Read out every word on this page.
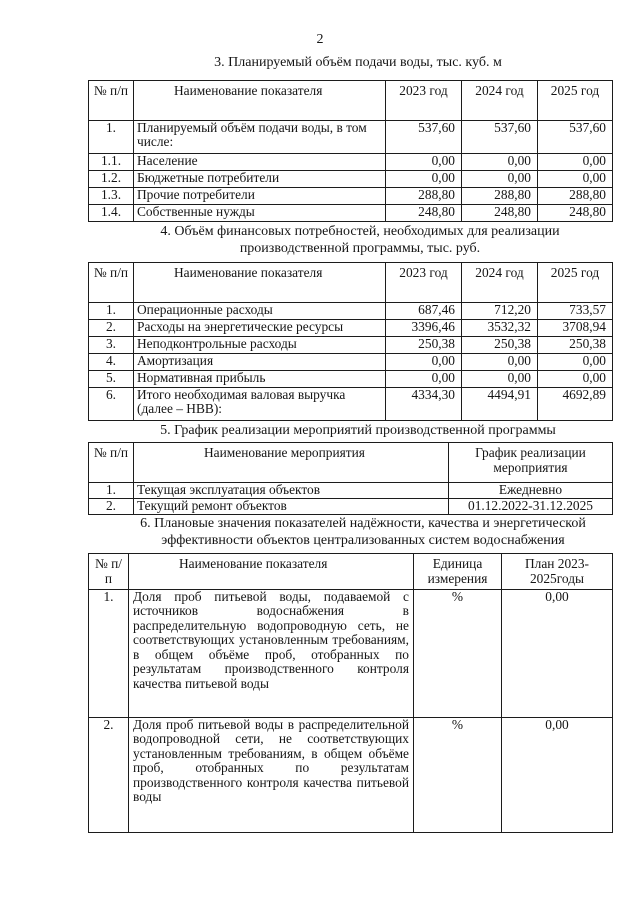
2
3. Планируемый объём подачи воды, тыс. куб. м
№ п/п	Наименование показателя	2023 год	2024 год	2025 год
1.	Планируемый объём подачи воды, в том числе:	537,60	537,60	537,60
1.1.	Население	0,00	0,00	0,00
1.2.	Бюджетные потребители	0,00	0,00	0,00
1.3.	Прочие потребители	288,80	288,80	288,80
1.4.	Собственные нужды	248,80	248,80	248,80
4. Объём финансовых потребностей, необходимых для реализации производственной программы, тыс. руб.
№ п/п	Наименование показателя	2023 год	2024 год	2025 год
1.	Операционные расходы	687,46	712,20	733,57
2.	Расходы на энергетические ресурсы	3396,46	3532,32	3708,94
3.	Неподконтрольные расходы	250,38	250,38	250,38
4.	Амортизация	0,00	0,00	0,00
5.	Нормативная прибыль	0,00	0,00	0,00
6.	Итого необходимая валовая выручка (далее – НВВ):	4334,30	4494,91	4692,89
5. График реализации мероприятий производственной программы
№ п/п	Наименование мероприятия	График реализации мероприятия
1.	Текущая эксплуатация объектов	Ежедневно
2.	Текущий ремонт объектов	01.12.2022-31.12.2025
6. Плановые значения показателей надёжности, качества и энергетической эффективности объектов централизованных систем водоснабжения
№ п/п	Наименование показателя	Единица измерения	План 2023-2025годы
1.	Доля проб питьевой воды, подаваемой с источников водоснабжения в распределительную водопроводную сеть, не соответствующих установленным требованиям, в общем объёме проб, отобранных по результатам производственного контроля качества питьевой воды	%	0,00
2.	Доля проб питьевой воды в распределительной водопроводной сети, не соответствующих установленным требованиям, в общем объёме проб, отобранных по результатам производственного контроля качества питьевой воды	%	0,00
